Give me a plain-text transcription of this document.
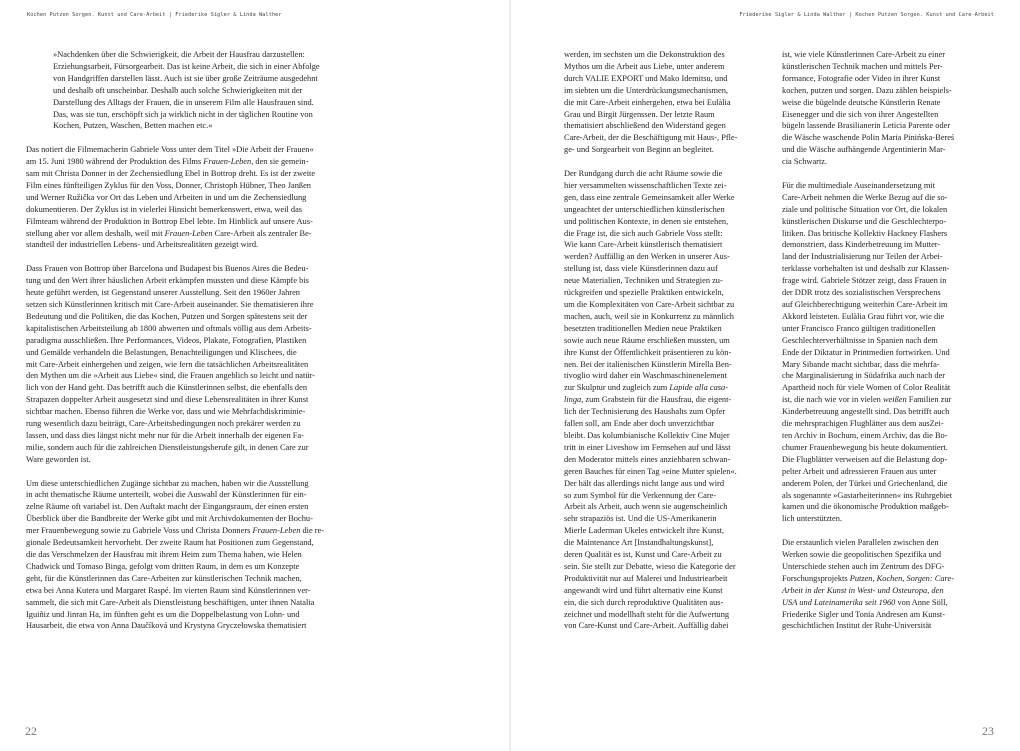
Kochen Putzen Sorgen. Kunst und Care-Arbeit | Friederike Sigler & Linda Walther

»Nachdenken über die Schwierigkeit, die Arbeit der Hausfrau darzustellen:
Erziehungsarbeit, Fürsorgearbeit. Das ist keine Arbeit, die sich in einer Abfolge
von Handgriffen darstellen lässt. Auch ist sie über große Zeiträume ausgedehnt
und deshalb oft unscheinbar. Deshalb auch solche Schwierigkeiten mit der
Darstellung des Alltags der Frauen, die in unserem Film alle Hausfrauen sind.
Das, was sie tun, erschöpft sich ja wirklich nicht in der täglichen Routine von
Kochen, Putzen, Waschen, Betten machen etc.«

Das notiert die Filmemacherin Gabriele Voss unter dem Titel »Die Arbeit der Frauen«
am 15. Juni 1980 während der Produktion des Films Frauen-Leben, den sie gemein-
sam mit Christa Donner in der Zechensiedlung Ebel in Bottrop dreht. Es ist der zweite
Film eines fünfteiligen Zyklus für den Voss, Donner, Christoph Hübner, Theo Janßen
und Werner Ružička vor Ort das Leben und Arbeiten in und um die Zechensiedlung
dokumentieren. Der Zyklus ist in vielerlei Hinsicht bemerkenswert, etwa, weil das
Filmteam während der Produktion in Bottrop Ebel lebte. Im Hinblick auf unsere Aus-
stellung aber vor allem deshalb, weil mit Frauen-Leben Care-Arbeit als zentraler Be-
standteil der industriellen Lebens- und Arbeitsrealitäten gezeigt wird.

Dass Frauen von Bottrop über Barcelona und Budapest bis Buenos Aires die Bedeu-
tung und den Wert ihrer häuslichen Arbeit erkämpfen mussten und diese Kämpfe bis
heute geführt werden, ist Gegenstand unserer Ausstellung. Seit den 1960er Jahren
setzen sich Künstlerinnen kritisch mit Care-Arbeit auseinander. Sie thematisieren ihre
Bedeutung und die Politiken, die das Kochen, Putzen und Sorgen spätestens seit der
kapitalistischen Arbeitsteilung ab 1800 abwerten und oftmals völlig aus dem Arbeits-
paradigma ausschließen. Ihre Performances, Videos, Plakate, Fotografien, Plastiken
und Gemälde verhandeln die Belastungen, Benachteiligungen und Klischees, die
mit Care-Arbeit einhergehen und zeigen, wie fern die tatsächlichen Arbeitsrealitäten
den Mythen um die »Arbeit aus Liebe« sind, die Frauen angeblich so leicht und natür-
lich von der Hand geht. Das betrifft auch die Künstlerinnen selbst, die ebenfalls den
Strapazen doppelter Arbeit ausgesetzt sind und diese Lebensrealitäten in ihrer Kunst
sichtbar machen. Ebenso führen die Werke vor, dass und wie Mehrfachdiskriminie-
rung wesentlich dazu beiträgt, Care-Arbeitsbedingungen noch prekärer werden zu
lassen, und dass dies längst nicht mehr nur für die Arbeit innerhalb der eigenen Fa-
milie, sondern auch für die zahlreichen Dienstleistungsberufe gilt, in denen Care zur
Ware geworden ist.

Um diese unterschiedlichen Zugänge sichtbar zu machen, haben wir die Ausstellung
in acht thematische Räume unterteilt, wobei die Auswahl der Künstlerinnen für ein-
zelne Räume oft variabel ist. Den Auftakt macht der Eingangsraum, der einen ersten
Überblick über die Bandbreite der Werke gibt und mit Archivdokumenten der Bochu-
mer Frauenbewegung sowie zu Gabriele Voss und Christa Donners Frauen-Leben die re-
gionale Bedeutsamkeit hervorhebt. Der zweite Raum hat Positionen zum Gegenstand,
die das Verschmelzen der Hausfrau mit ihrem Heim zum Thema haben, wie Helen
Chadwick und Tomaso Binga, gefolgt vom dritten Raum, in dem es um Konzepte
geht, für die Künstlerinnen das Care-Arbeiten zur künstlerischen Technik machen,
etwa bei Anna Kutera und Margaret Raspé. Im vierten Raum sind Künstlerinnen ver-
sammelt, die sich mit Care-Arbeit als Dienstleistung beschäftigen, unter ihnen Natalia
Iguiñiz und Jinran Ha, im fünften geht es um die Doppelbelastung von Lohn- und
Hausarbeit, die etwa von Anna Daučíková und Krystyna Gryczełowska thematisiert

22
Friederike Sigler & Linda Walther | Kochen Putzen Sorgen. Kunst und Care-Arbeit

werden, im sechsten um die Dekonstruktion des
Mythos um die Arbeit aus Liebe, unter anderem
durch VALIE EXPORT und Mako Idemitsu, und
im siebten um die Unterdrückungsmechanismen,
die mit Care-Arbeit einhergehen, etwa bei Eulàlia
Grau und Birgit Jürgenssen. Der letzte Raum
thematisiert abschließend den Widerstand gegen
Care-Arbeit, der die Beschäftigung mit Haus-, Pfle-
ge- und Sorgearbeit von Beginn an begleitet.

Der Rundgang durch die acht Räume sowie die
hier versammelten wissenschaftlichen Texte zei-
gen, dass eine zentrale Gemeinsamkeit aller Werke
ungeachtet der unterschiedlichen künstlerischen
und politischen Kontexte, in denen sie entstehen,
die Frage ist, die sich auch Gabriele Voss stellt:
Wie kann Care-Arbeit künstlerisch thematisiert
werden? Auffällig an den Werken in unserer Aus-
stellung ist, dass viele Künstlerinnen dazu auf
neue Materialien, Techniken und Strategien zu-
rückgreifen und spezielle Praktiken entwickeln,
um die Komplexitäten von Care-Arbeit sichtbar zu
machen, auch, weil sie in Konkurrenz zu männlich
besetzten traditionellen Medien neue Praktiken
sowie auch neue Räume erschließen mussten, um
ihre Kunst der Öffentlichkeit präsentieren zu kön-
nen. Bei der italienischen Künstlerin Mirella Ben-
tivoglio wird daher ein Waschmaschinenelement
zur Skulptur und zugleich zum Lapide alla casa-
linga, zum Grabstein für die Hausfrau, die eigent-
lich der Technisierung des Haushalts zum Opfer
fallen soll, am Ende aber doch unverzichtbar
bleibt. Das kolumbianische Kollektiv Cine Mujer
tritt in einer Liveshow im Fernsehen auf und lässt
den Moderator mittels eines anziehbaren schwan-
geren Bauches für einen Tag »eine Mutter spielen«.
Der hält das allerdings nicht lange aus und wird
so zum Symbol für die Verkennung der Care-
Arbeit als Arbeit, auch wenn sie augenscheinlich
sehr strapaziös ist. Und die US-Amerikanerin
Mierle Laderman Ukeles entwickelt ihre Kunst,
die Maintenance Art [Instandhaltungskunst],
deren Qualität es ist, Kunst und Care-Arbeit zu
sein. Sie stellt zur Debatte, wieso die Kategorie der
Produktivität nur auf Malerei und Industriearbeit
angewandt wird und führt alternativ eine Kunst
ein, die sich durch reproduktive Qualitäten aus-
zeichnet und modellhaft steht für die Aufwertung
von Care-Kunst und Care-Arbeit. Auffällig dabei

ist, wie viele Künstlerinnen Care-Arbeit zu einer
künstlerischen Technik machen und mittels Per-
formance, Fotografie oder Video in ihrer Kunst
kochen, putzen und sorgen. Dazu zählen beispiels-
weise die bügelnde deutsche Künstlerin Renate
Eisenegger und die sich von ihrer Angestellten
bügeln lassende Brasilianerin Leticia Parente oder
die Wäsche waschende Polin Maria Pinińska-Bereś
und die Wäsche aufhängende Argentinierin Mar-
cia Schwartz.

Für die multimediale Auseinandersetzung mit
Care-Arbeit nehmen die Werke Bezug auf die so-
ziale und politische Situation vor Ort, die lokalen
künstlerischen Diskurse und die Geschlechterpo-
litiken. Das britische Kollektiv Hackney Flashers
demonstriert, dass Kinderbetreuung im Mutter-
land der Industrialisierung nur Teilen der Arbei-
terklasse vorbehalten ist und deshalb zur Klassen-
frage wird. Gabriele Stötzer zeigt, dass Frauen in
der DDR trotz des sozialistischen Versprechens
auf Gleichberechtigung weiterhin Care-Arbeit im
Akkord leisteten. Eulàlia Grau führt vor, wie die
unter Francisco Franco gültigen traditionellen
Geschlechterverhältnisse in Spanien nach dem
Ende der Diktatur in Printmedien fortwirken. Und
Mary Sibande macht sichtbar, dass die mehrfa-
che Marginalisierung in Südafrika auch nach der
Apartheid noch für viele Women of Color Realität
ist, die nach wie vor in vielen weißen Familien zur
Kinderbetreuung angestellt sind. Das betrifft auch
die mehrsprachigen Flugblätter aus dem ausZei-
ten Archiv in Bochum, einem Archiv, das die Bo-
chumer Frauenbewegung bis heute dokumentiert.
Die Flugblätter verweisen auf die Belastung dop-
pelter Arbeit und adressieren Frauen aus unter
anderem Polen, der Türkei und Griechenland, die
als sogenannte »Gastarbeiterinnen« ins Ruhrgebiet
kamen und die ökonomische Produktion maßgeb-
lich unterstützten.

Die erstaunlich vielen Parallelen zwischen den
Werken sowie die geopolitischen Spezifika und
Unterschiede stehen auch im Zentrum des DFG-
Forschungsprojekts Putzen, Kochen, Sorgen: Care-
Arbeit in der Kunst in West- und Osteuropa, den
USA und Lateinamerika seit 1960 von Anne Söll,
Friederike Sigler und Tonia Andresen am Kunst-
geschichtlichen Institut der Ruhr-Universität

23
